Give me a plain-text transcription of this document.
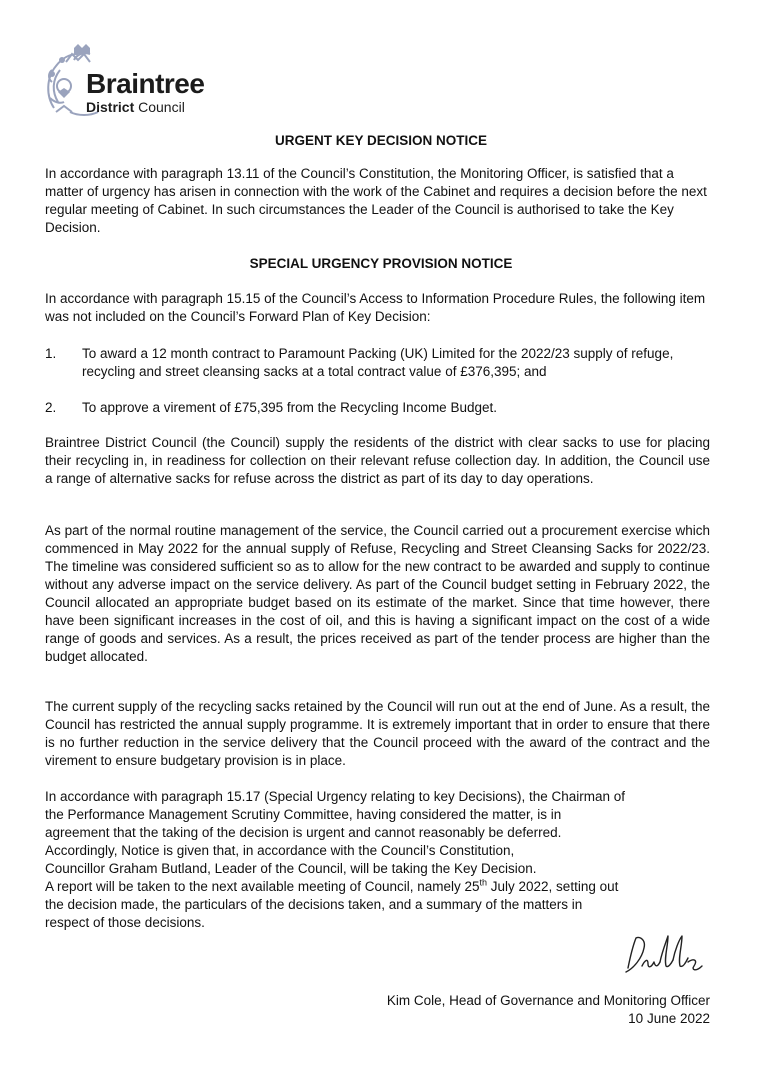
Braintree
District Council
URGENT KEY DECISION NOTICE

In accordance with paragraph 13.11 of the Council’s Constitution, the Monitoring Officer, is satisfied that a matter of urgency has arisen in connection with the work of the Cabinet and requires a decision before the next regular meeting of Cabinet. In such circumstances the Leader of the Council is authorised to take the Key Decision.

SPECIAL URGENCY PROVISION NOTICE

In accordance with paragraph 15.15 of the Council’s Access to Information Procedure Rules, the following item was not included on the Council’s Forward Plan of Key Decision:

1. To award a 12 month contract to Paramount Packing (UK) Limited for the 2022/23 supply of refuge, recycling and street cleansing sacks at a total contract value of £376,395; and
2. To approve a virement of £75,395 from the Recycling Income Budget.

Braintree District Council (the Council) supply the residents of the district with clear sacks to use for placing their recycling in, in readiness for collection on their relevant refuse collection day. In addition, the Council use a range of alternative sacks for refuse across the district as part of its day to day operations.

As part of the normal routine management of the service, the Council carried out a procurement exercise which commenced in May 2022 for the annual supply of Refuse, Recycling and Street Cleansing Sacks for 2022/23. The timeline was considered sufficient so as to allow for the new contract to be awarded and supply to continue without any adverse impact on the service delivery. As part of the Council budget setting in February 2022, the Council allocated an appropriate budget based on its estimate of the market. Since that time however, there have been significant increases in the cost of oil, and this is having a significant impact on the cost of a wide range of goods and services. As a result, the prices received as part of the tender process are higher than the budget allocated.

The current supply of the recycling sacks retained by the Council will run out at the end of June. As a result, the Council has restricted the annual supply programme. It is extremely important that in order to ensure that there is no further reduction in the service delivery that the Council proceed with the award of the contract and the virement to ensure budgetary provision is in place.

In accordance with paragraph 15.17 (Special Urgency relating to key Decisions), the Chairman of
the Performance Management Scrutiny Committee, having considered the matter, is in
agreement that the taking of the decision is urgent and cannot reasonably be deferred.
Accordingly, Notice is given that, in accordance with the Council’s Constitution,
Councillor Graham Butland, Leader of the Council, will be taking the Key Decision.
A report will be taken to the next available meeting of Council, namely 25th July 2022, setting out
the decision made, the particulars of the decisions taken, and a summary of the matters in
respect of those decisions.
Kim Cole, Head of Governance and Monitoring Officer
10 June 2022
